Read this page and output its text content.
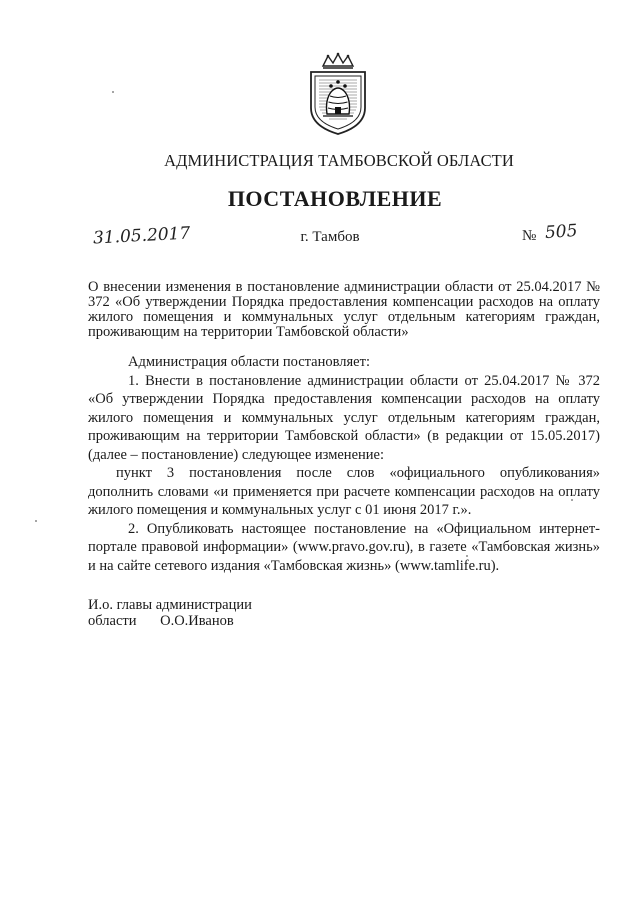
АДМИНИСТРАЦИЯ ТАМБОВСКОЙ ОБЛАСТИ
ПОСТАНОВЛЕНИЕ
31.05.2017	г. Тамбов	№ 505
О внесении изменения в постановление администрации области от 25.04.2017 № 372 «Об утверждении Порядка предоставления компенсации расходов на оплату жилого помещения и коммунальных услуг отдельным категориям граждан, проживающим на территории Тамбовской области»

Администрация области постановляет:

1. Внести в постановление администрации области от 25.04.2017 № 372 «Об утверждении Порядка предоставления компенсации расходов на оплату жилого помещения и коммунальных услуг отдельным категориям граждан, проживающим на территории Тамбовской области» (в редакции от 15.05.2017) (далее – постановление) следующее изменение:

пункт 3 постановления после слов «официального опубликования» дополнить словами «и применяется при расчете компенсации расходов на оплату жилого помещения и коммунальных услуг с 01 июня 2017 г.».

2. Опубликовать настоящее постановление на «Официальном интернет-портале правовой информации» (www.pravo.gov.ru), в газете «Тамбовская жизнь» и на сайте сетевого издания «Тамбовская жизнь» (www.tamlife.ru).

И.о. главы администрации
области О.О.Иванов
